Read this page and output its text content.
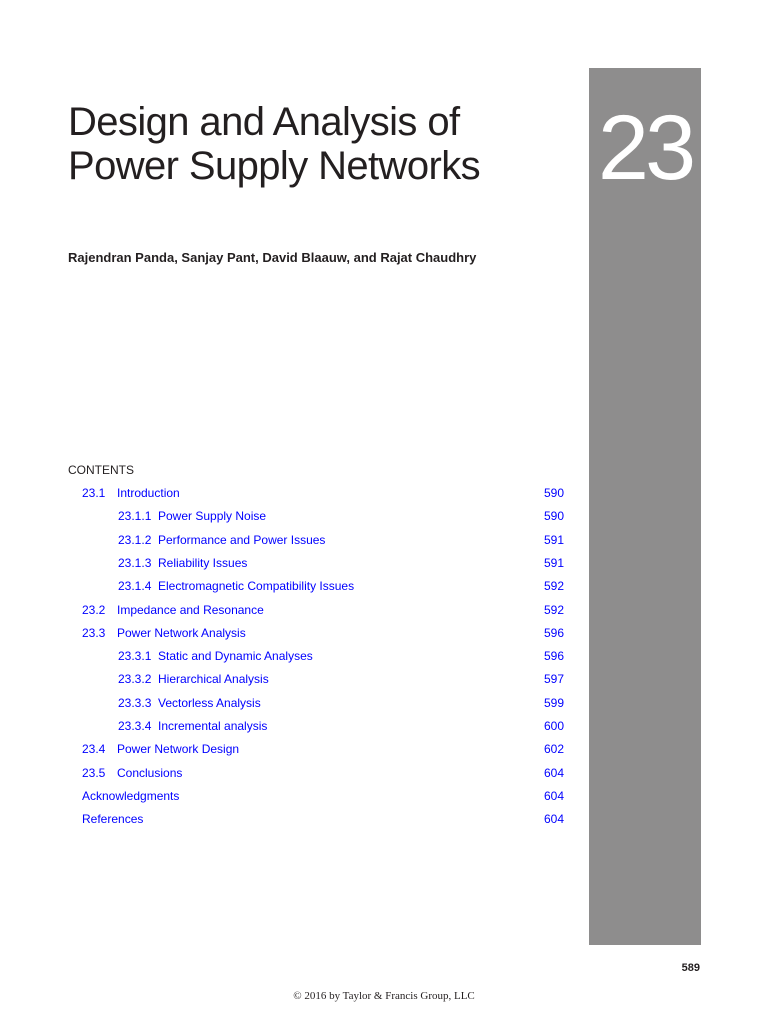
23
Design and Analysis of
Power Supply Networks
Rajendran Panda, Sanjay Pant, David Blaauw, and Rajat Chaudhry
CONTENTS
23.1 Introduction	590
23.1.1 Power Supply Noise	590
23.1.2 Performance and Power Issues	591
23.1.3 Reliability Issues	591
23.1.4 Electromagnetic Compatibility Issues	592
23.2 Impedance and Resonance	592
23.3 Power Network Analysis	596
23.3.1 Static and Dynamic Analyses	596
23.3.2 Hierarchical Analysis	597
23.3.3 Vectorless Analysis	599
23.3.4 Incremental analysis	600
23.4 Power Network Design	602
23.5 Conclusions	604
Acknowledgments	604
References	604
589
© 2016 by Taylor & Francis Group, LLC
